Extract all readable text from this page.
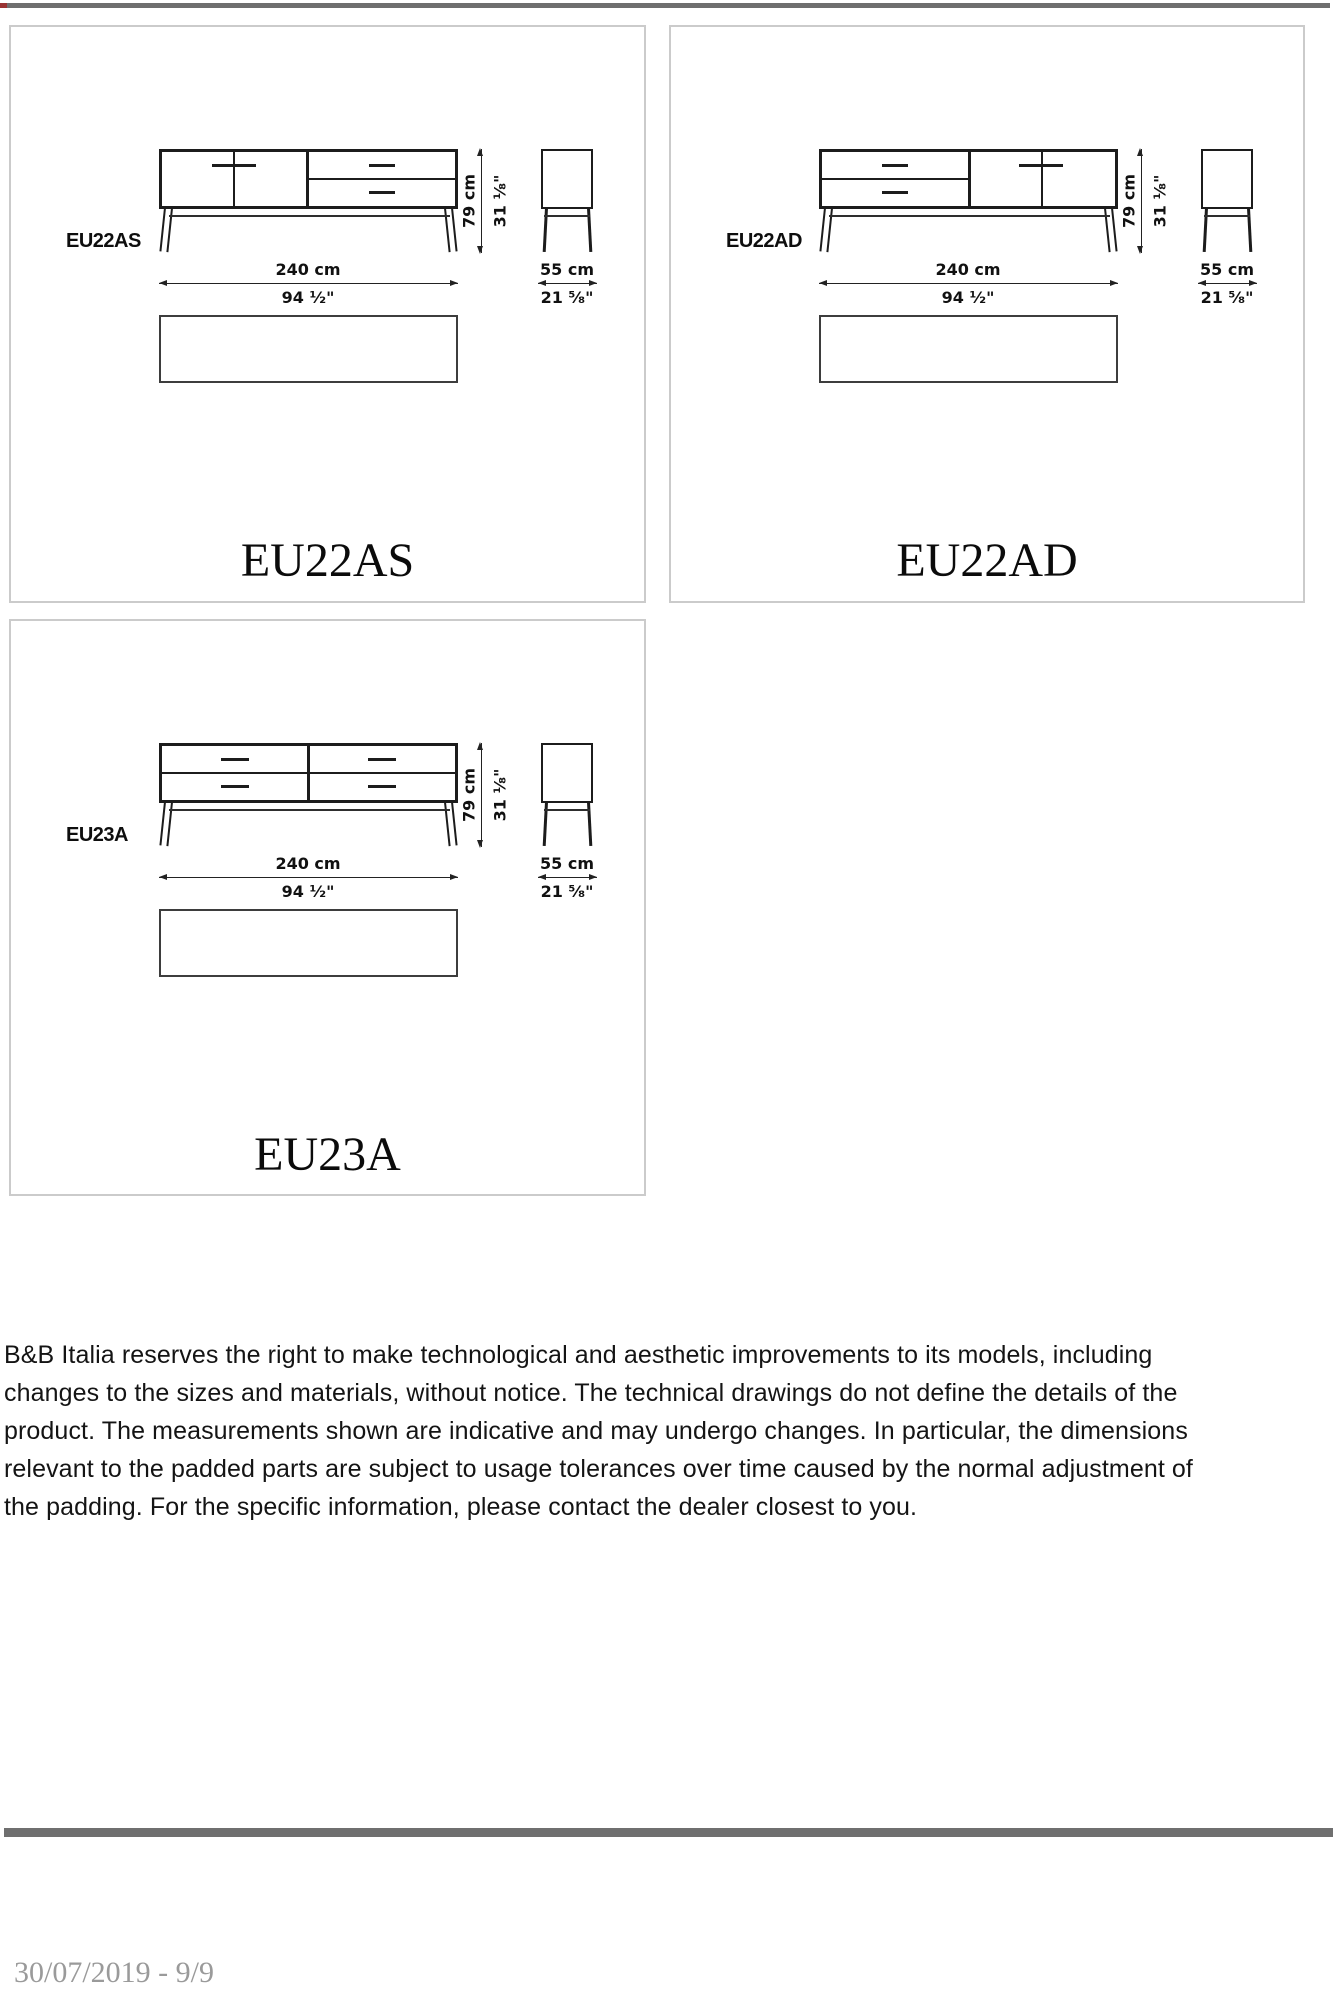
EU22AS
79 cm 31 ¹⁄₈"
240 cm
94 ¹⁄₂"
55 cm
21 ⁵⁄₈"
EU22AS
EU22AD
79 cm 31 ¹⁄₈"
240 cm
94 ¹⁄₂"
55 cm
21 ⁵⁄₈"
EU22AD
EU23A
79 cm 31 ¹⁄₈"
240 cm
94 ¹⁄₂"
55 cm
21 ⁵⁄₈"
EU23A
B&B Italia reserves the right to make technological and aesthetic improvements to its models, including
changes to the sizes and materials, without notice. The technical drawings do not define the details of the
product. The measurements shown are indicative and may undergo changes. In particular, the dimensions
relevant to the padded parts are subject to usage tolerances over time caused by the normal adjustment of
the padding. For the specific information, please contact the dealer closest to you.
30/07/2019 - 9/9
